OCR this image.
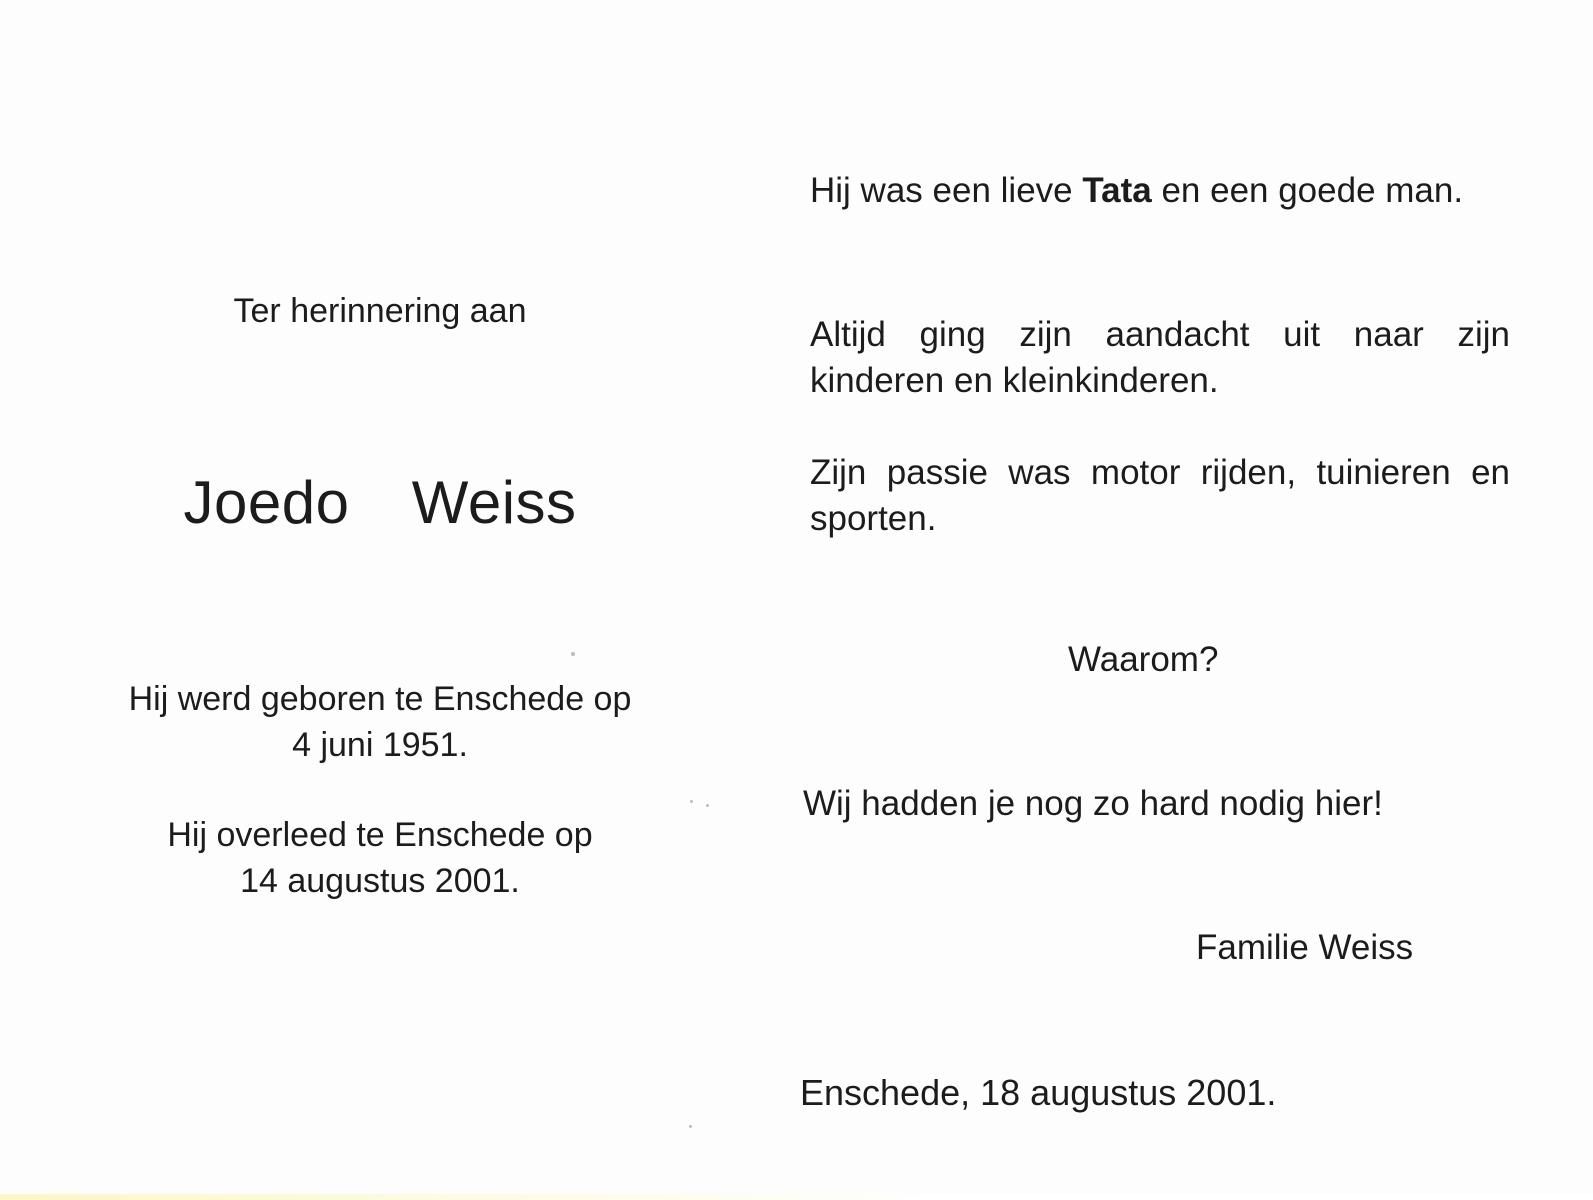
Ter herinnering aan
Joedo  Weiss
Hij werd geboren te Enschede op
4 juni 1951.
Hij overleed te Enschede op
14 augustus 2001.
Hij was een lieve Tata en een goede man.
Altijd ging zijn aandacht uit naar zijn kinderen en kleinkinderen.
Zijn passie was motor rijden, tuinieren en sporten.
Waarom?
Wij hadden je nog zo hard nodig hier!
Familie Weiss
Enschede, 18 augustus 2001.
